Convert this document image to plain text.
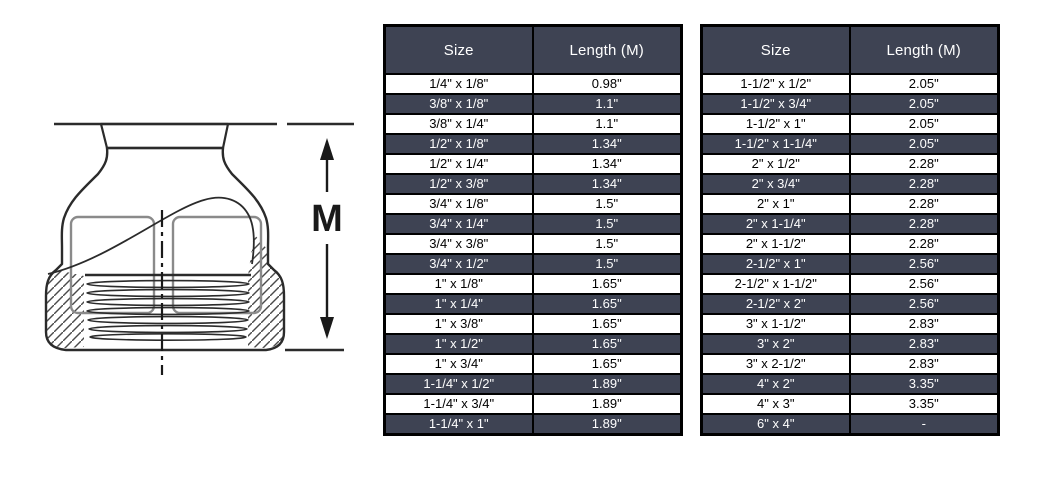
M
Size	Length (M)
1/4" x 1/8"	0.98"
3/8" x 1/8"	1.1"
3/8" x 1/4"	1.1"
1/2" x 1/8"	1.34"
1/2" x 1/4"	1.34"
1/2" x 3/8"	1.34"
3/4" x 1/8"	1.5"
3/4" x 1/4"	1.5"
3/4" x 3/8"	1.5"
3/4" x 1/2"	1.5"
1" x 1/8"	1.65"
1" x 1/4"	1.65"
1" x 3/8"	1.65"
1" x 1/2"	1.65"
1" x 3/4"	1.65"
1-1/4" x 1/2"	1.89"
1-1/4" x 3/4"	1.89"
1-1/4" x 1"	1.89"
Size	Length (M)
1-1/2" x 1/2"	2.05"
1-1/2" x 3/4"	2.05"
1-1/2" x 1"	2.05"
1-1/2" x 1-1/4"	2.05"
2" x 1/2"	2.28"
2" x 3/4"	2.28"
2" x 1"	2.28"
2" x 1-1/4"	2.28"
2" x 1-1/2"	2.28"
2-1/2" x 1"	2.56"
2-1/2" x 1-1/2"	2.56"
2-1/2" x 2"	2.56"
3" x 1-1/2"	2.83"
3" x 2"	2.83"
3" x 2-1/2"	2.83"
4" x 2"	3.35"
4" x 3"	3.35"
6" x 4"	-
